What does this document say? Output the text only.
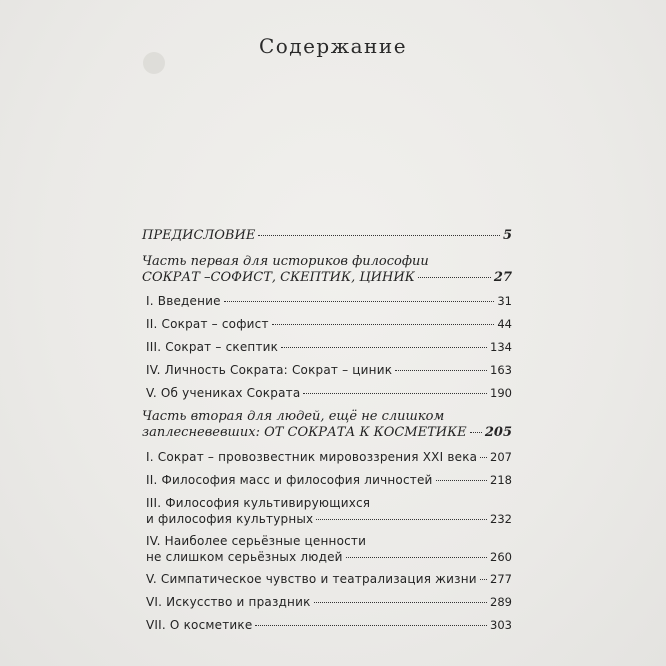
Содержание
ПРЕДИСЛОВИЕ	5
Часть первая для историков философии
СОКРАТ –СОФИСТ, СКЕПТИК, ЦИНИК	27
I. Введение	31
II. Сократ – софист	44
III. Сократ – скептик	134
IV. Личность Сократа: Сократ – циник	163
V. Об учениках Сократа	190
Часть вторая для людей, ещё не слишком
заплесневевших: ОТ СОКРАТА К КОСМЕТИКЕ 205
I. Сократ – провозвестник мировоззрения XXI века 207
II. Философия масс и философия личностей	218
III. Философия культивирующихся
и философия культурных	232
IV. Наиболее серьёзные ценности
не слишком серьёзных людей	260
V. Симпатическое чувство и театрализация жизни 277
VI. Искусство и праздник	289
VII. О косметике	303
